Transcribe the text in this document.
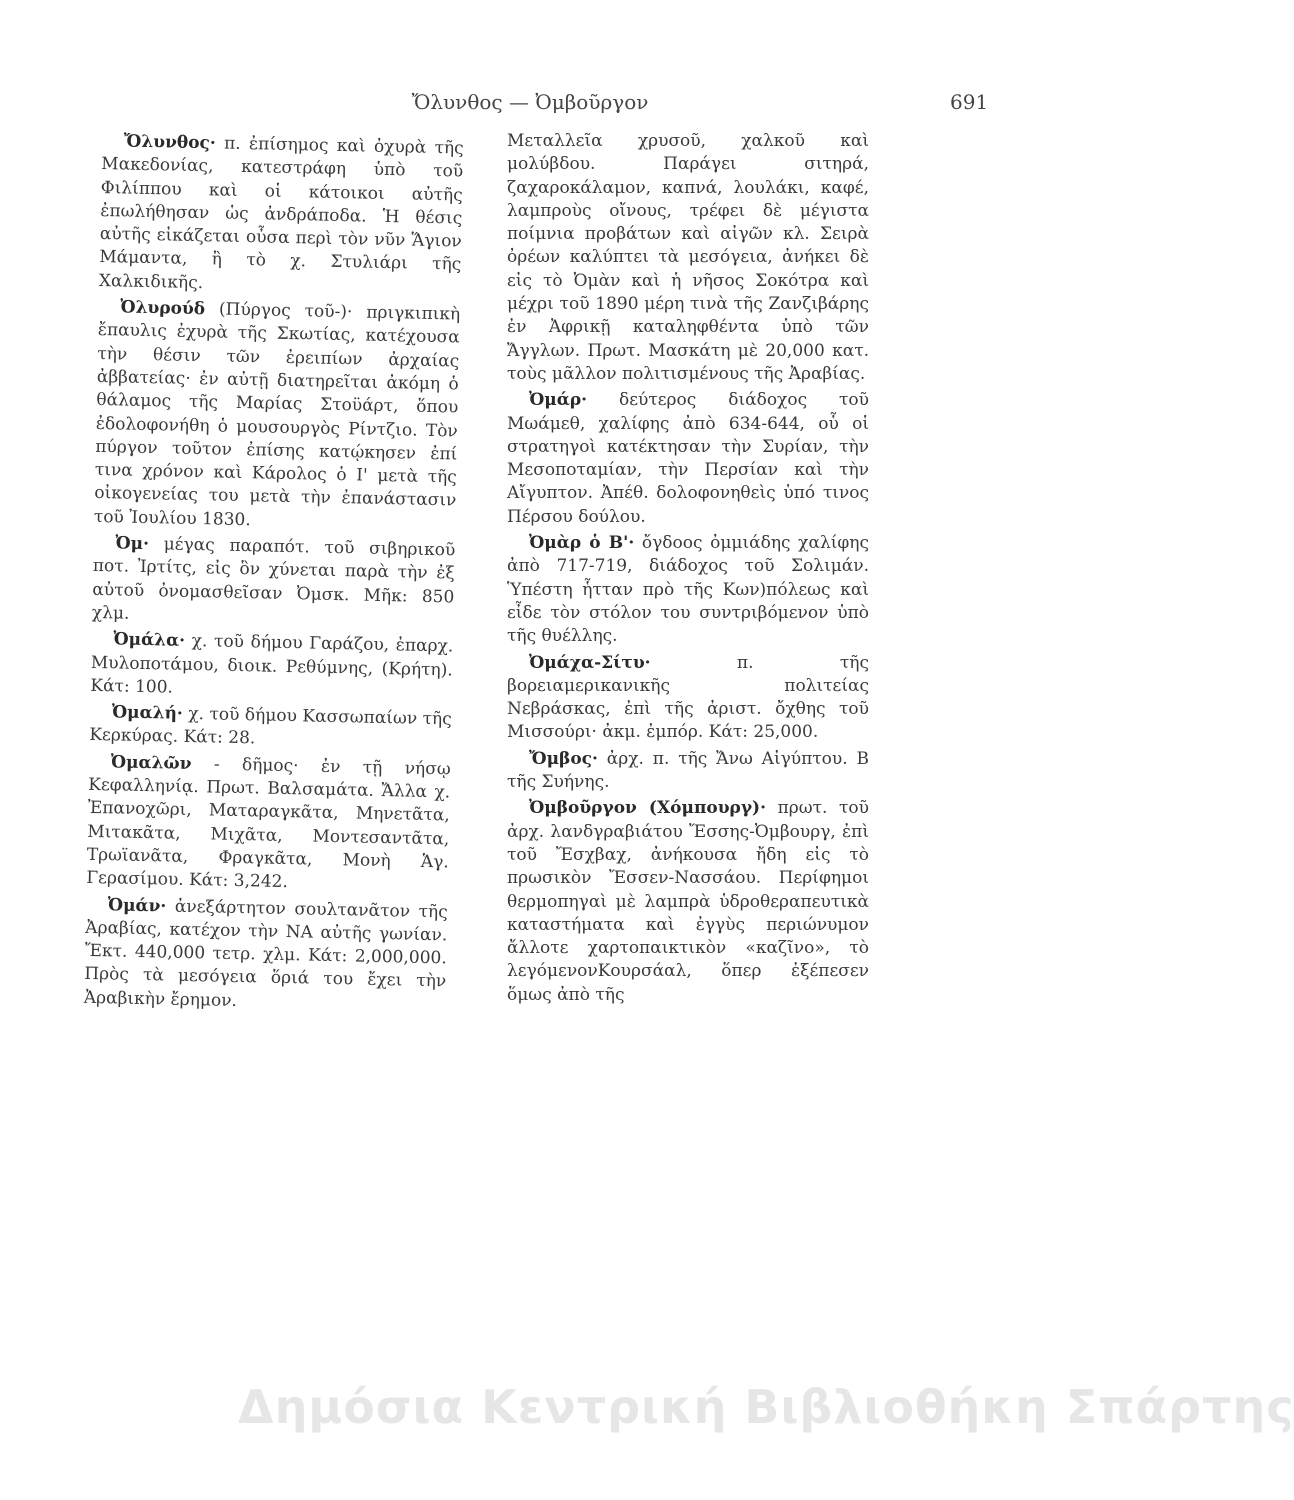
Ὄλυνθος — Ὀμβοῦργον	691

Ὄλυνθος· π. ἐπίσημος καὶ ὀχυρὰ τῆς Μακεδονίας, κατεστράφη ὑπὸ τοῦ Φιλίππου καὶ οἱ κάτοικοι αὐτῆς ἐπωλήθησαν ὡς ἀνδράποδα. Ἡ θέσις αὐτῆς εἰκάζεται οὖσα περὶ τὸν νῦν Ἅγιον Μάμαντα, ἢ τὸ χ. Στυλιάρι τῆς Χαλκιδικῆς.

Ὀλυρούδ (Πύργος τοῦ-)· πριγκιπικὴ ἔπαυλις ἐχυρὰ τῆς Σκωτίας, κατέχουσα τὴν θέσιν τῶν ἐρειπίων ἀρχαίας ἀββατείας· ἐν αὐτῇ διατηρεῖται ἀκόμη ὁ θάλαμος τῆς Μαρίας Στοϋάρτ, ὅπου ἐδολοφονήθη ὁ μουσουργὸς Ρίντζιο. Τὸν πύργον τοῦτον ἐπίσης κατῴκησεν ἐπί τινα χρόνον καὶ Κάρολος ὁ Ι' μετὰ τῆς οἰκογενείας του μετὰ τὴν ἐπανάστασιν τοῦ Ἰουλίου 1830.

Ὀμ· μέγας παραπότ. τοῦ σιβηρικοῦ ποτ. Ἰρτίτς, εἰς ὃν χύνεται παρὰ τὴν ἐξ αὐτοῦ ὀνομασθεῖσαν Ὀμσκ. Μῆκ: 850 χλμ.

Ὀμάλα· χ. τοῦ δήμου Γαράζου, ἐπαρχ. Μυλοποτάμου, διοικ. Ρεθύμνης, (Κρήτη). Κάτ: 100.

Ὀμαλή· χ. τοῦ δήμου Κασσωπαίων τῆς Κερκύρας. Κάτ: 28.

Ὀμαλῶν - δῆμος· ἐν τῇ νήσῳ Κεφαλληνίᾳ. Πρωτ. Βαλσαμάτα. Ἄλλα χ. Ἐπανοχῶρι, Ματαραγκᾶτα, Μηνετᾶτα, Μιτακᾶτα, Μιχᾶτα, Μοντεσαντᾶτα, Τρωϊανᾶτα, Φραγκᾶτα, Μονὴ Ἁγ. Γερασίμου. Κάτ: 3,242.

Ὀμάν· ἀνεξάρτητον σουλτανᾶτον τῆς Ἀραβίας, κατέχον τὴν ΝΑ αὐτῆς γωνίαν. Ἔκτ. 440,000 τετρ. χλμ. Κάτ: 2,000,000. Πρὸς τὰ μεσόγεια ὅριά του ἔχει τὴν Ἀραβικὴν ἔρημον.

Μεταλλεῖα χρυσοῦ, χαλκοῦ καὶ μολύβδου. Παράγει σιτηρά, ζαχαροκάλαμον, καπνά, λουλάκι, καφέ, λαμπροὺς οἴνους, τρέφει δὲ μέγιστα ποίμνια προβάτων καὶ αἰγῶν κλ. Σειρὰ ὀρέων καλύπτει τὰ μεσόγεια, ἀνήκει δὲ εἰς τὸ Ὀμὰν καὶ ἡ νῆσος Σοκότρα καὶ μέχρι τοῦ 1890 μέρη τινὰ τῆς Ζανζιβάρης ἐν Ἀφρικῇ καταληφθέντα ὑπὸ τῶν Ἄγγλων. Πρωτ. Μασκάτη μὲ 20,000 κατ. τοὺς μᾶλλον πολιτισμένους τῆς Ἀραβίας.

Ὀμάρ· δεύτερος διάδοχος τοῦ Μωάμεθ, χαλίφης ἀπὸ 634-644, οὗ οἱ στρατηγοὶ κατέκτησαν τὴν Συρίαν, τὴν Μεσοποταμίαν, τὴν Περσίαν καὶ τὴν Αἴγυπτον. Ἀπέθ. δολοφονηθεὶς ὑπό τινος Πέρσου δούλου.

Ὀμὰρ ὁ Β'· ὄγδοος ὀμμιάδης χαλίφης ἀπὸ 717-719, διάδοχος τοῦ Σολιμάν. Ὑπέστη ἧτταν πρὸ τῆς Κων)πόλεως καὶ εἶδε τὸν στόλον του συντριβόμενον ὑπὸ τῆς θυέλλης.

Ὀμάχα-Σίτυ· π. τῆς βορειαμερικανικῆς πολιτείας Νεβράσκας, ἐπὶ τῆς ἀριστ. ὄχθης τοῦ Μισσούρι· ἀκμ. ἐμπόρ. Κάτ: 25,000.

Ὄμβος· ἀρχ. π. τῆς Ἄνω Αἰγύπτου. Β τῆς Συήνης.

Ὀμβοῦργον (Χόμπουργ)· πρωτ. τοῦ ἀρχ. λανδγραβιάτου Ἔσσης-Ὀμβουργ, ἐπὶ τοῦ Ἔσχβαχ, ἀνήκουσα ἤδη εἰς τὸ πρωσικὸν Ἔσσεν-Νασσάου. Περίφημοι θερμοπηγαὶ μὲ λαμπρὰ ὑδροθεραπευτικὰ καταστήματα καὶ ἐγγὺς περιώνυμον ἄλλοτε χαρτοπαικτικὸν «καζῖνο», τὸ λεγόμενονΚουρσάαλ, ὅπερ ἐξέπεσεν ὅμως ἀπὸ τῆς

Δημόσια Κεντρική Βιβλιοθήκη Σπάρτης
